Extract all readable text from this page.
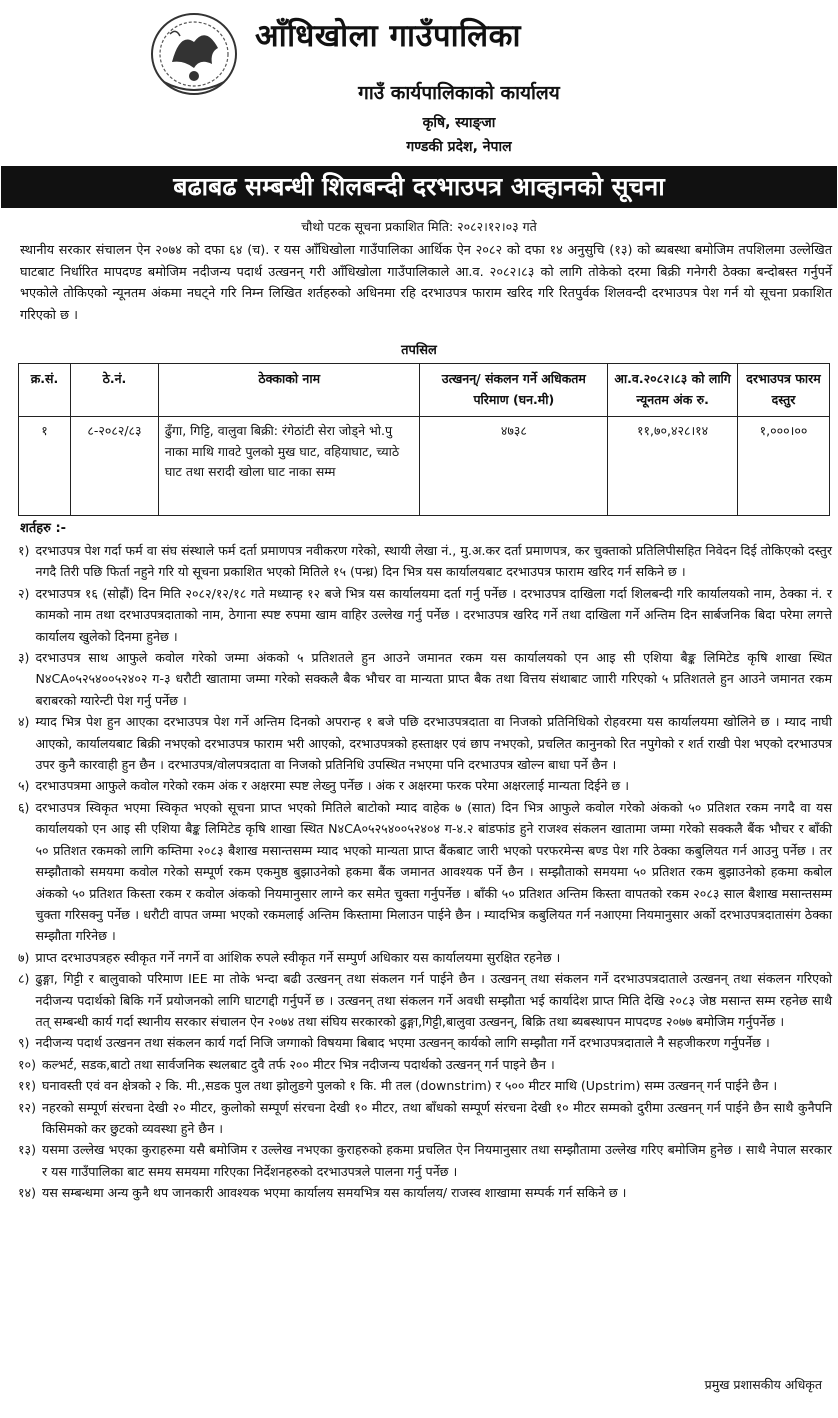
आँधिखोला गाउँपालिका
गाउँ कार्यपालिकाको कार्यालय
कृषि, स्याङ्जा
गण्डकी प्रदेश, नेपाल
बढाबढ सम्बन्धी शिलबन्दी दरभाउपत्र आव्हानको सूचना
चौथो पटक सूचना प्रकाशित मिति: २०८२।१२।०३ गते
स्थानीय सरकार संचालन ऐन २०७४ को दफा ६४ (च). र यस आँधिखोला गाउँपालिका आर्थिक ऐन २०८२ को दफा १४ अनुसुचि (१३) को ब्यबस्था बमोजिम तपशिलमा उल्लेखित घाटबाट निर्धारित मापदण्ड बमोजिम नदीजन्य पदार्थ उत्खनन् गरी आँधिखोला गाउँपालिकाले आ.व. २०८२।८३ को लागि तोकेको दरमा बिक्री गनेगरी ठेक्का बन्दोबस्त गर्नुपर्ने भएकोले तोकिएको न्यूनतम अंकमा नघट्ने गरि निम्न लिखित शर्तहरुको अधिनमा रहि दरभाउपत्र फाराम खरिद गरि रितपुर्वक शिलवन्दी दरभाउपत्र पेश गर्न यो सूचना प्रकाशित गरिएको छ ।
तपसिल
क्र.सं.	ठे.नं.	ठेक्काको नाम	उत्खनन्/ संकलन गर्ने अधिकतम परिमाण (घन.मी)	आ.व.२०८२।८३ को लागि न्यूनतम अंक रु.	दरभाउपत्र फारम दस्तुर
१	८-२०८२/८३	ढुँगा, गिट्टि, वालुवा बिक्री: रंगेठांटी सेरा जोड्ने भो.पु नाका माथि गावटे पुलको मुख घाट, वहियाघाट, च्याठे घाट तथा सरादी खोला घाट नाका सम्म	४७३८	११,७०,४२८।१४	१,०००।००
शर्तहरु :-
१) दरभाउपत्र पेश गर्दा फर्म वा संघ संस्थाले फर्म दर्ता प्रमाणपत्र नवीकरण गरेको, स्थायी लेखा नं., मु.अ.कर दर्ता प्रमाणपत्र, कर चुक्ताको प्रतिलिपीसहित निवेदन दिई तोकिएको दस्तुर नगदै तिरी पछि फिर्ता नहुने गरि यो सूचना प्रकाशित भएको मितिले १५ (पन्ध्र) दिन भित्र यस कार्यालयबाट दरभाउपत्र फाराम खरिद गर्न सकिने छ ।
२) दरभाउपत्र १६ (सोह्रौं) दिन मिति २०८२/१२/१८ गते मध्यान्ह १२ बजे भित्र यस कार्यालयमा दर्ता गर्नु पर्नेछ । दरभाउपत्र दाखिला गर्दा शिलबन्दी गरि कार्यालयको नाम, ठेक्का नं. र कामको नाम तथा दरभाउपत्रदाताको नाम, ठेगाना स्पष्ट रुपमा खाम वाहिर उल्लेख गर्नु पर्नेछ । दरभाउपत्र खरिद गर्ने तथा दाखिला गर्ने अन्तिम दिन सार्बजनिक बिदा परेमा लगत्ते कार्यालय खुलेको दिनमा हुनेछ ।
३) दरभाउपत्र साथ आफुले कवोल गरेको जम्मा अंकको ५ प्रतिशतले हुन आउने जमानत रकम यस कार्यालयको एन आइ सी एशिया बैङ्क लिमिटेड कृषि शाखा स्थित N४CA०५२५४००५२४०२ ग-३ धरौटी खातामा जम्मा गरेको सक्कलै बैक भौचर वा मान्यता प्राप्त बैक तथा वित्तय संथाबाट जाारी गरिएको ५ प्रतिशतले हुन आउने जमानत रकम बराबरको ग्यारेन्टी पेश गर्नु पर्नेछ ।
४) म्याद भित्र पेश हुन आएका दरभाउपत्र पेश गर्ने अन्तिम दिनको अपरान्ह १ बजे पछि दरभाउपत्रदाता वा निजको प्रतिनिधिको रोहवरमा यस कार्यालयमा खोलिने छ । म्याद नाघी आएको, कार्यालयबाट बिक्री नभएको दरभाउपत्र फाराम भरी आएको, दरभाउपत्रको हस्ताक्षर एवं छाप नभएको, प्रचलित कानुनको रित नपुगेको र शर्त राखी पेश भएको दरभाउपत्र उपर कुनै कारवाही हुन छैन । दरभाउपत्र/वोलपत्रदाता वा निजको प्रतिनिधि उपस्थित नभएमा पनि दरभाउपत्र खोल्न बाधा पर्ने छैन ।
५) दरभाउपत्रमा आफुले कवोल गरेको रकम अंक र अक्षरमा स्पष्ट लेख्नु पर्नेछ । अंक र अक्षरमा फरक परेमा अक्षरलाई मान्यता दिईने छ ।
६) दरभाउपत्र स्विकृत भएमा स्विकृत भएको सूचना प्राप्त भएको मितिले बाटोको म्याद वाहेक ७ (सात) दिन भित्र आफुले कवोल गरेको अंकको ५० प्रतिशत रकम नगदै वा यस कार्यालयको एन आइ सी एशिया बैङ्क लिमिटेड कृषि शाखा स्थित N४CA०५२५४००५२४०४ ग-४.२ बांडफांड हुने राजश्व संकलन खातामा जम्मा गरेको सक्कलै बैंक भौचर र बाँकी ५० प्रतिशत रकमको लागि कम्तिमा २०८३ बैशाख मसान्तसम्म म्याद भएको मान्यता प्राप्त बैंकबाट जारी भएको परफरमेन्स बण्ड पेश गरि ठेक्का कबुलियत गर्न आउनु पर्नेछ । तर सम्झौताको समयमा कवोल गरेको सम्पूर्ण रकम एकमुष्ठ बुझाउनेको हकमा बैंक जमानत आवश्यक पर्ने छैन । सम्झौताको समयमा ५० प्रतिशत रकम बुझाउनेको हकमा कबोल अंकको ५० प्रतिशत किस्ता रकम र कवोल अंकको नियमानुसार लाग्ने कर समेत चुक्ता गर्नुपर्नेछ । बाँकी ५० प्रतिशत अन्तिम किस्ता वापतको रकम २०८३ साल बैशाख मसान्तसम्म चुक्ता गरिसक्नु पर्नेछ । धरौटी वापत जम्मा भएको रकमलाई अन्तिम किस्तामा मिलाउन पाईने छैन । म्यादभित्र कबुलियत गर्न नआएमा नियमानुसार अर्को दरभाउपत्रदातासंग ठेक्का सम्झौता गरिनेछ ।
७) प्राप्त दरभाउपत्रहरु स्वीकृत गर्ने नगर्ने वा आंशिक रुपले स्वीकृत गर्ने सम्पुर्ण अधिकार यस कार्यालयमा सुरक्षित रहनेछ ।
८) ढुङ्गा, गिट्टी र बालुवाको परिमाण IEE मा तोके भन्दा बढी उत्खनन् तथा संकलन गर्न पाईने छैन । उत्खनन् तथा संकलन गर्ने दरभाउपत्रदाताले उत्खनन् तथा संकलन गरिएको नदीजन्य पदार्थको बिकि गर्ने प्रयोजनको लागि घाटगद्दी गर्नुपर्ने छ । उत्खनन् तथा संकलन गर्ने अवधी सम्झौता भई कार्यादेश प्राप्त मिति देखि २०८३ जेष्ठ मसान्त सम्म रहनेछ साथै तत् सम्बन्धी कार्य गर्दा स्थानीय सरकार संचालन ऐन २०७४ तथा संघिय सरकारको ढुङ्गा,गिट्टी,बालुवा उत्खनन्, बिक्रि तथा ब्यबस्थापन मापदण्ड २०७७ बमोजिम गर्नुपर्नेछ ।
९) नदीजन्य पदार्थ उत्खनन तथा संकलन कार्य गर्दा निजि जग्गाको विषयमा बिबाद भएमा उत्खनन् कार्यको लागि सम्झौता गर्ने दरभाउपत्रदाताले नै सहजीकरण गर्नुपर्नेछ ।
१०) कल्भर्ट, सडक,बाटो तथा सार्वजनिक स्थलबाट दुवै तर्फ २०० मीटर भित्र नदीजन्य पदार्थको उत्खनन् गर्न पाइने छैन ।
११) घनावस्ती एवं वन क्षेत्रको २ कि. मी.,सडक पुल तथा झोलुङगे पुलको १ कि. मी तल (downstrim) र ५०० मीटर माथि (Upstrim) सम्म उत्खनन् गर्न पाईने छैन ।
१२) नहरको सम्पूर्ण संरचना देखी २० मीटर, कुलोको सम्पूर्ण संरचना देखी १० मीटर, तथा बाँधको सम्पूर्ण संरचना देखी १० मीटर सम्मको दुरीमा उत्खनन् गर्न पाईने छैन साथै कुनैपनि किसिमको कर छुटको व्यवस्था हुने छैन ।
१३) यसमा उल्लेख भएका कुराहरुमा यसै बमोजिम र उल्लेख नभएका कुराहरुको हकमा प्रचलित ऐन नियमानुसार तथा सम्झौतामा उल्लेख गरिए बमोजिम हुनेछ । साथै नेपाल सरकार र यस गाउँपालिका बाट समय समयमा गरिएका निर्देशनहरुको दरभाउपत्रले पालना गर्नु पर्नेछ ।
१४) यस सम्बन्धमा अन्य कुनै थप जानकारी आवश्यक भएमा कार्यालय समयभित्र यस कार्यालय/ राजस्व शाखामा सम्पर्क गर्न सकिने छ ।
प्रमुख प्रशासकीय अधिकृत
